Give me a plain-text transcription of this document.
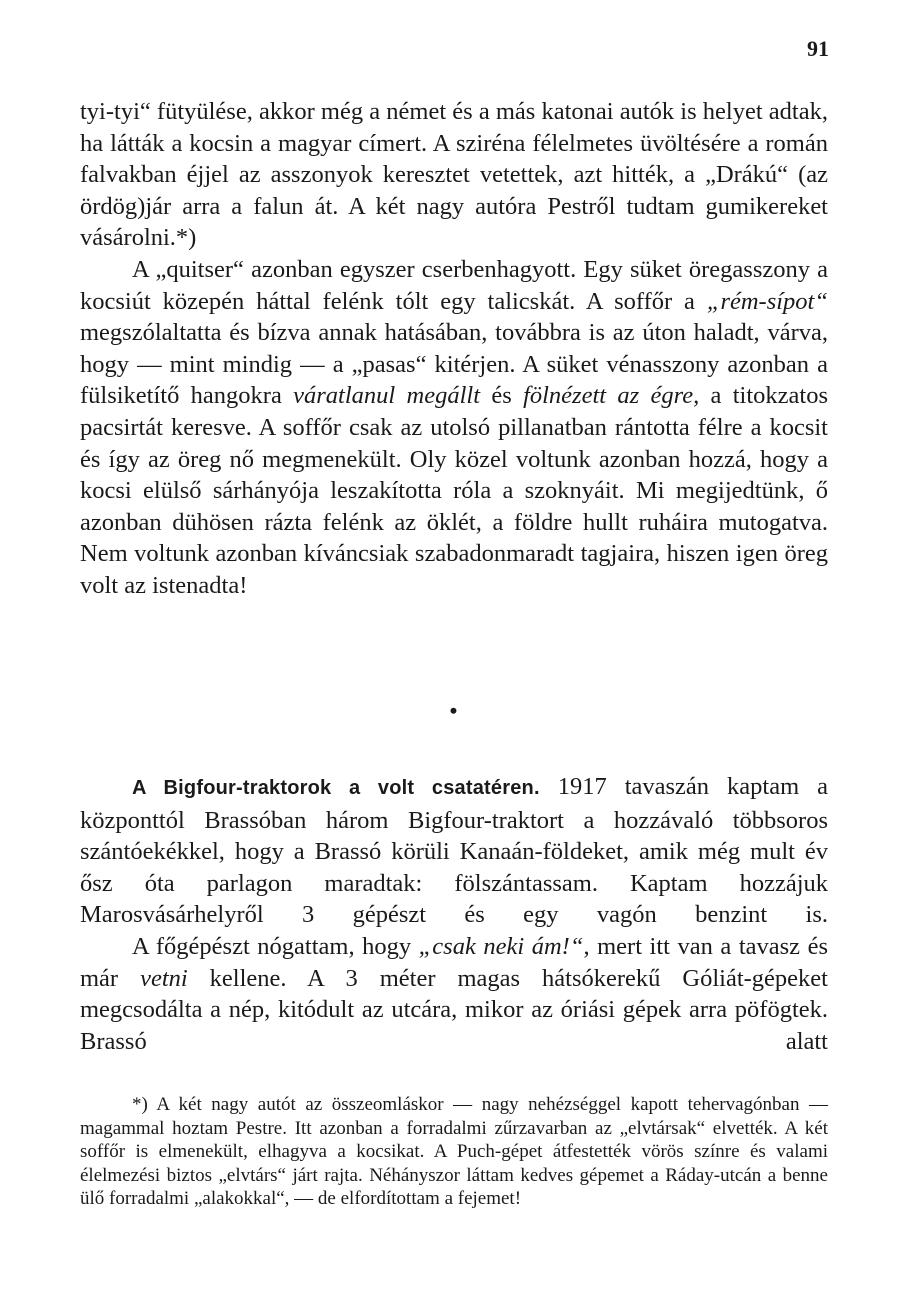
91

tyi-tyi“ fütyülése, akkor még a német és a más katonai autók is helyet adtak, ha látták a kocsin a magyar címert. A sziréna félelmetes üvöltésére a román falvakban éjjel az asszonyok keresztet vetettek, azt hitték, a „Drákú“ (az ördög)jár arra a falun át. A két nagy autóra Pestről tudtam gumikereket vásárolni.*)

A „quitser“ azonban egyszer cserbenhagyott. Egy süket öregasszony a kocsiút közepén háttal felénk tólt egy talicskát. A soffőr a „rém-sípot“ megszólaltatta és bízva annak hatásában, továbbra is az úton haladt, várva, hogy — mint mindig — a „pasas“ kitérjen. A süket vénasszony azonban a fülsiketítő hangokra váratlanul megállt és fölnézett az égre, a titokzatos pacsirtát keresve. A soffőr csak az utolsó pillanatban rántotta félre a kocsit és így az öreg nő megmenekült. Oly közel voltunk azonban hozzá, hogy a kocsi elülső sárhányója leszakította róla a szoknyáit. Mi megijedtünk, ő azonban dühösen rázta felénk az öklét, a földre hullt ruháira mutogatva. Nem voltunk azonban kíváncsiak szabadonmaradt tagjaira, hiszen igen öreg volt az istenadta!

•

A Bigfour-traktorok a volt csatatéren. 1917 tavaszán kaptam a központtól Brassóban három Bigfour-traktort a hozzávaló többsoros szántóekékkel, hogy a Brassó körüli Kanaán-földeket, amik még mult év ősz óta parlagon maradtak: fölszántassam. Kaptam hozzájuk Marosvásárhelyről 3 gépészt és egy vagón benzint is.

A főgépészt nógattam, hogy „csak neki ám!“, mert itt van a tavasz és már vetni kellene. A 3 méter magas hátsókerekű Góliát-gépeket megcsodálta a nép, kitódult az utcára, mikor az óriási gépek arra pöfögtek. Brassó alatt

*) A két nagy autót az összeomláskor — nagy nehézséggel kapott tehervagónban — magammal hoztam Pestre. Itt azonban a forradalmi zűrzavarban az „elvtársak“ elvették. A két soffőr is elmenekült, elhagyva a kocsikat. A Puch-gépet átfestették vörös színre és valami élelmezési biztos „elvtárs“ járt rajta. Néhányszor láttam kedves gépemet a Ráday-utcán a benne ülő forradalmi „alakokkal“, — de elfordítottam a fejemet!
